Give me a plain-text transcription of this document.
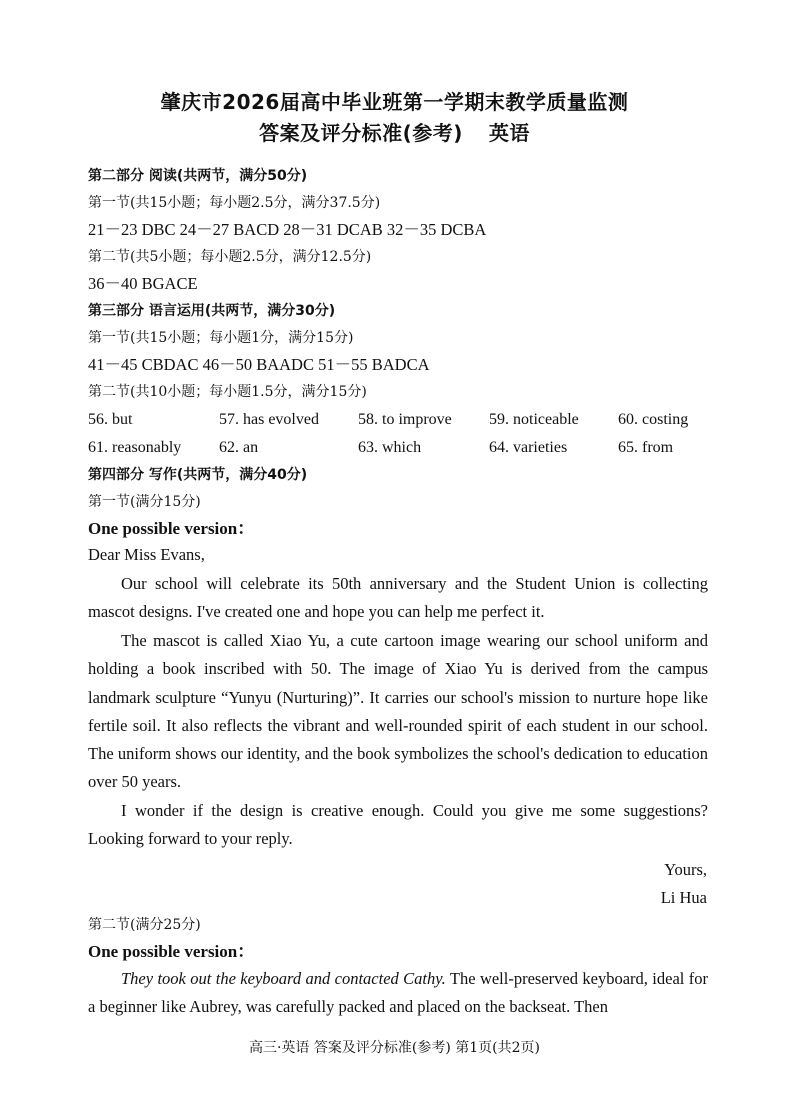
肇庆市2026届高中毕业班第一学期末教学质量监测
答案及评分标准(参考) 英语
第二部分 阅读(共两节，满分50分)
第一节(共15小题；每小题2.5分，满分37.5分)
21－23 DBC 24－27 BACD 28－31 DCAB 32－35 DCBA
第二节(共5小题；每小题2.5分，满分12.5分)
36－40 BGACE
第三部分 语言运用(共两节，满分30分)
第一节(共15小题；每小题1分，满分15分)
41－45 CBDAC 46－50 BAADC 51－55 BADCA
第二节(共10小题；每小题1.5分，满分15分)
56. but	57. has evolved 58. to improve 59. noticeable 60. costing
61. reasonably 62. an	63. which	64. varieties	65. from
第四部分 写作(共两节，满分40分)
第一节(满分15分)
One possible version：
Dear Miss Evans,
Our school will celebrate its 50th anniversary and the Student Union is collecting mascot designs. I've created one and hope you can help me perfect it.
The mascot is called Xiao Yu, a cute cartoon image wearing our school uniform and holding a book inscribed with 50. The image of Xiao Yu is derived from the campus landmark sculpture “Yunyu (Nurturing)”. It carries our school's mission to nurture hope like fertile soil. It also reflects the vibrant and well-rounded spirit of each student in our school. The uniform shows our identity, and the book symbolizes the school's dedication to education over 50 years.
I wonder if the design is creative enough. Could you give me some suggestions? Looking forward to your reply.
Yours,
Li Hua
第二节(满分25分)
One possible version：
They took out the keyboard and contacted Cathy. The well-preserved keyboard, ideal for a beginner like Aubrey, was carefully packed and placed on the backseat. Then
高三·英语 答案及评分标准(参考) 第1页(共2页)
